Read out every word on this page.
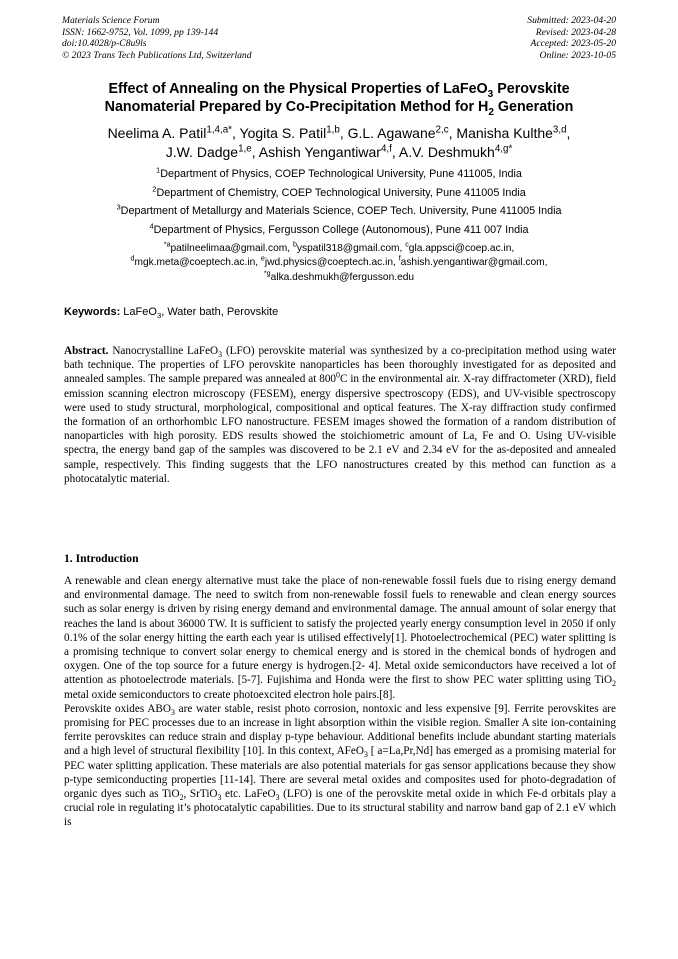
Materials Science Forum
ISSN: 1662-9752, Vol. 1099, pp 139-144
doi:10.4028/p-C8u9ls
© 2023 Trans Tech Publications Ltd, Switzerland
Submitted: 2023-04-20
Revised: 2023-04-28
Accepted: 2023-05-20
Online: 2023-10-05
Effect of Annealing on the Physical Properties of LaFeO$_3$ Perovskite
Nanomaterial Prepared by Co-Precipitation Method for $H_2$ Generation
Neelima A. Patil$^{1,4,a*}$, Yogita S. Patil$^{1,b}$, G.L. Agawane$^{2,c}$, Manisha Kulthe$^{3,d}$,
J.W. Dadge$^{1,e}$, Ashish Yengantiwar$^{4,f}$, A.V. Deshmukh$^{4,g*}$
$^1$Department of Physics, COEP Technological University, Pune 411005, India
$^2$Department of Chemistry, COEP Technological University, Pune 411005 India
$^3$Department of Metallurgy and Materials Science, COEP Tech. University, Pune 411005 India
$^4$Department of Physics, Fergusson College (Autonomous), Pune 411 007 India
$^{*a}$patilneelimaa@gmail.com, $^b$yspatil318@gmail.com, $^c$gla.appsci@coep.ac.in,
$^d$mgk.meta@coeptech.ac.in, $^e$jwd.physics@coeptech.ac.in, $^f$ashish.yengantiwar@gmail.com,
$^{*g}$alka.deshmukh@fergusson.edu
Keywords: LaFeO$_3$, Water bath, Perovskite
Abstract. Nanocrystalline LaFeO$_3$ (LFO) perovskite material was synthesized by a co-precipitation method using water bath technique. The properties of LFO perovskite nanoparticles has been thoroughly investigated for as deposited and annealed samples. The sample prepared was annealed at $800^0C$ in the environmental air. X-ray diffractometer (XRD), field emission scanning electron microscopy (FESEM), energy dispersive spectroscopy (EDS), and UV-visible spectroscopy were used to study structural, morphological, compositional and optical features. The X-ray diffraction study confirmed the formation of an orthorhombic LFO nanostructure. FESEM images showed the formation of a random distribution of nanoparticles with high porosity. EDS results showed the stoichiometric amount of La, Fe and O. Using UV-visible spectra, the energy band gap of the samples was discovered to be 2.1 eV and 2.34 eV for the as-deposited and annealed sample, respectively. This finding suggests that the LFO nanostructures created by this method can function as a photocatalytic material.
1. Introduction

A renewable and clean energy alternative must take the place of non-renewable fossil fuels due to rising energy demand and environmental damage. The need to switch from non-renewable fossil fuels to renewable and clean energy sources such as solar energy is driven by rising energy demand and environmental damage. The annual amount of solar energy that reaches the land is about 36000 TW. It is sufficient to satisfy the projected yearly energy consumption level in 2050 if only 0.1% of the solar energy hitting the earth each year is utilised effectively[1]. Photoelectrochemical (PEC) water splitting is a promising technique to convert solar energy to chemical energy and is stored in the chemical bonds of hydrogen and oxygen. One of the top source for a future energy is hydrogen.[2- 4]. Metal oxide semiconductors have received a lot of attention as photoelectrode materials. [5-7]. Fujishima and Honda were the first to show PEC water splitting using TiO$_2$ metal oxide semiconductors to create photoexcited electron hole pairs.[8].

Perovskite oxides $ABO_3$ are water stable, resist photo corrosion, nontoxic and less expensive [9]. Ferrite perovskites are promising for PEC processes due to an increase in light absorption within the visible region. Smaller A site ion-containing ferrite perovskites can reduce strain and display p-type behaviour. Additional benefits include abundant starting materials and a high level of structural flexibility [10]. In this context, AFeO$_3$ [ a=La,Pr,Nd] has emerged as a promising material for PEC water splitting application. These materials are also potential materials for gas sensor applications because they show p-type semiconducting properties [11-14]. There are several metal oxides and composites used for photo-degradation of organic dyes such as TiO$_2$, SrTiO$_3$ etc. LaFeO$_3$ (LFO) is one of the perovskite metal oxide in which Fe-d orbitals play a crucial role in regulating it’s photocatalytic capabilities. Due to its structural stability and narrow band gap of 2.1 eV which is
